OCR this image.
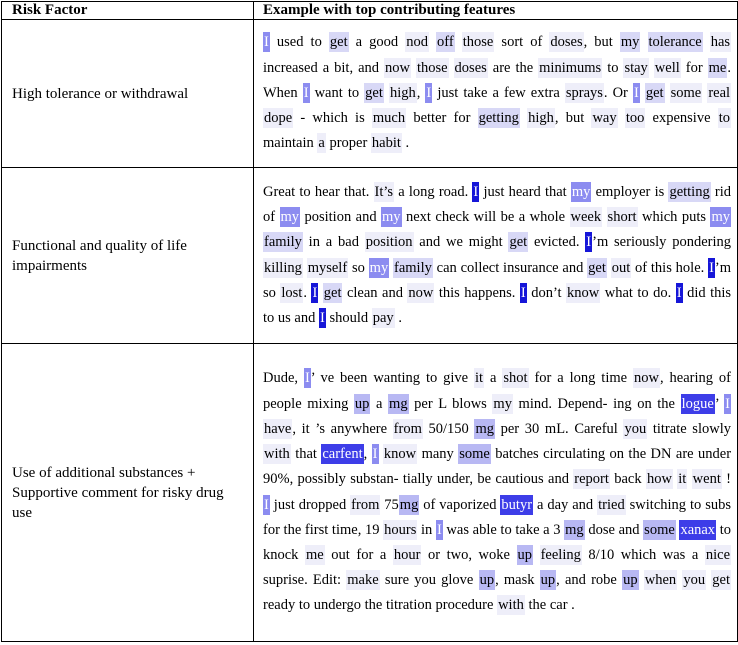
Risk Factor	Example with top contributing features
High tolerance or withdrawal	I used to get a good nod off those sort of doses, but my tolerance has increased a bit, and now those doses are the minimums to stay well for me. When I want to get high, I just take a few extra sprays. Or I get some real dope - which is much better for getting high, but way too expensive to maintain a proper habit .

Functional and quality of life impairments	Great to hear that. It’s a long road. I just heard that my employer is getting rid of my position and my next check will be a whole week short which puts my family in a bad position and we might get evicted. I’m seriously pondering killing myself so my family can collect insurance and get out of this hole. I’m so lost. I get clean and now this happens. I don’t know what to do. I did this to us and I should pay .

Use of additional substances + Supportive comment for risky drug use	Dude, I’ ve been wanting to give it a shot for a long time now, hearing of people mixing up a mg per L blows my mind. Depend- ing on the logue’ I have, it ’s anywhere from 50/150 mg per 30 mL. Careful you titrate slowly with that carfent, I know many some batches circulating on the DN are under 90%, possibly substan- tially under, be cautious and report back how it went ! I just dropped from 75mg of vaporized butyr a day and tried switching to subs for the first time, 19 hours in I was able to take a 3 mg dose and some xanax to knock me out for a hour or two, woke up feeling 8/10 which was a nice suprise. Edit: make sure you glove up, mask up, and robe up when you get ready to undergo the titration procedure with the car .
